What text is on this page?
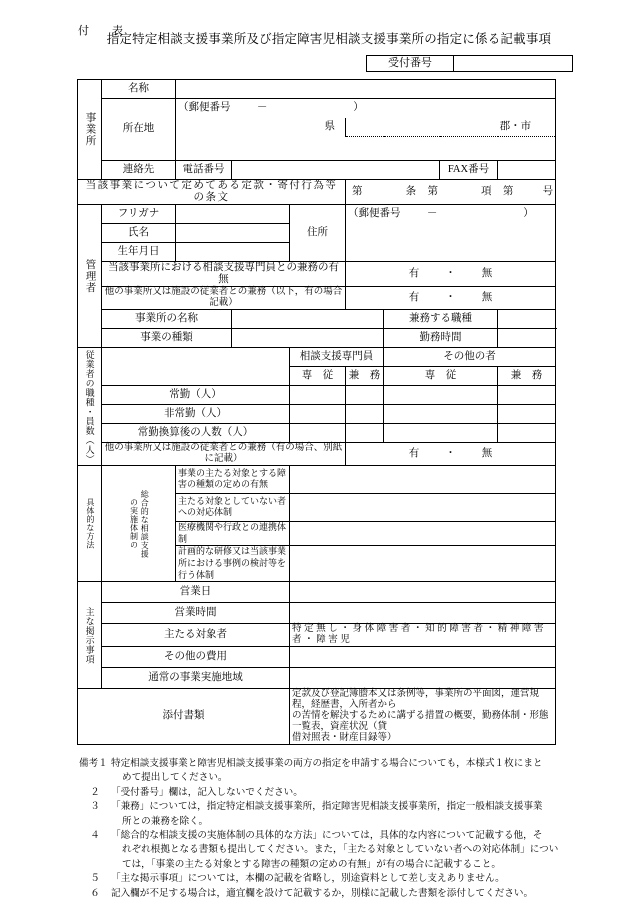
付　表
指定特定相談支援事業所及び指定障害児相談支援事業所の指定に係る記載事項
受付番号
事業所	名称							
	所在地	（郵便番号 － ）						
		県			郡・市			

	連絡先	電話番号					FAX番号	
当該事業について定めてある定款・寄付行為等の条文	
第	条	第	項	第	号

管理者	フリガナ			住所	（郵便番号 － ）			
	氏名							
	生年月日							
	当該事業所における相談支援専門員との兼務の有無				有 ・ 無			

	他の事業所又は施設の従業者との兼務（以下，有の場合記載）				有 ・ 無			

	事業所の名称					兼務する職種		
	事業の種類					勤務時間		

従業者の職種・員数（人）				相談支援専門員		その他の者		
				専　従	兼　務	専　従		兼　務
	常勤（人）							
	非常勤（人）							
	常勤換算後の人数（人）							
	他の事業所又は施設の従業者との兼務（有の場合、別紙に記載）				有 ・ 無			

具体的な方法	の実施体制の 総合的な相談支援	事業の主たる対象とする障害の種類の定めの有無						
		主たる対象としていない者への対応体制						
		医療機関や行政との連携体制						
		計画的な研修又は当該事業所における事例の検討等を行う体制						

主な掲示事項	営業日							
	営業時間							
	主たる対象者			特定無し・身体障害者・知的障害者・精神障害者・障害児				
	その他の費用							
	通常の事業実施地域							
添付書類				定款及び登記簿謄本又は条例等，事業所の平面図，運営規程，経歴書，入所者から
の苦情を解決するために講ずる措置の概要，勤務体制・形態一覧表，資産状況（貸
借対照表・財産目録等）				
備考１ 特定相談支援事業と障害児相談支援事業の両方の指定を申請する場合についても，本様式１枚にまと
めて提出してください。
２	「受付番号」欄は，記入しないでください。
３	「兼務」については，指定特定相談支援事業所，指定障害児相談支援事業所，指定一般相談支援事業
所との兼務を除く。
４	「総合的な相談支援の実施体制の具体的な方法」については，具体的な内容について記載する他，そ
れぞれ根拠となる書類も提出してください。また，「主たる対象としていない者への対応体制」につい
ては，「事業の主たる対象とする障害の種類の定めの有無」が有の場合に記載すること。
５	「主な掲示事項」については，本欄の記載を省略し，別途資料として差し支えありません。
６	記入欄が不足する場合は，適宜欄を設けて記載するか，別様に記載した書類を添付してください。
